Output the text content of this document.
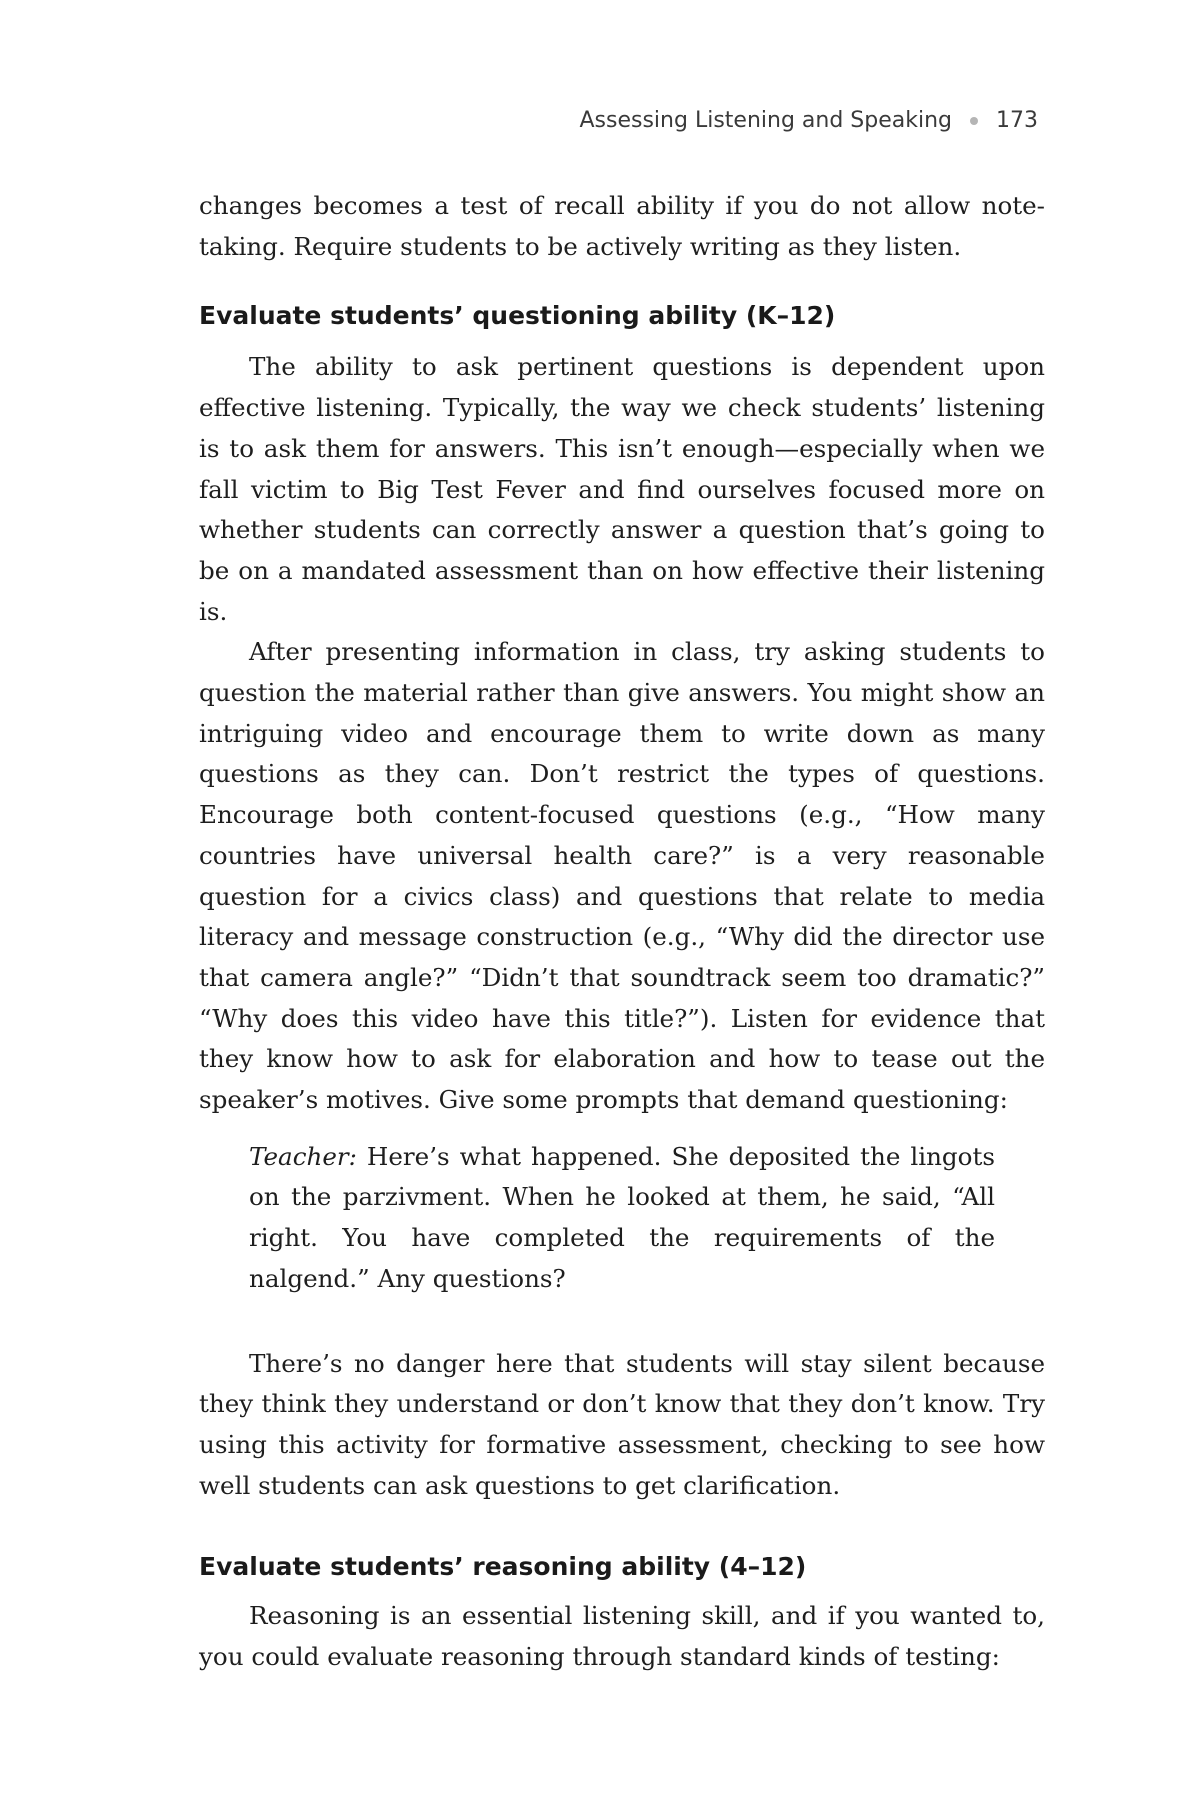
Assessing Listening and Speaking 173

changes becomes a test of recall ability if you do not allow note-taking. Require students to be actively writing as they listen.

Evaluate students’ questioning ability (K–12)

The ability to ask pertinent questions is dependent upon effective listening. Typically, the way we check students’ listening is to ask them for answers. This isn’t enough—especially when we fall victim to Big Test Fever and find ourselves focused more on whether students can correctly answer a question that’s going to be on a mandated assessment than on how effective their listening is.

After presenting information in class, try asking students to question the material rather than give answers. You might show an intriguing video and encourage them to write down as many questions as they can. Don’t restrict the types of questions. Encourage both content-focused questions (e.g., “How many countries have universal health care?” is a very reasonable question for a civics class) and questions that relate to media literacy and message construction (e.g., “Why did the director use that camera angle?” “Didn’t that soundtrack seem too dramatic?” “Why does this video have this title?”). Listen for evidence that they know how to ask for elaboration and how to tease out the speaker’s motives. Give some prompts that demand questioning:

Teacher: Here’s what happened. She deposited the lingots on the parzivment. When he looked at them, he said, “All right. You have completed the requirements of the nalgend.” Any questions?

There’s no danger here that students will stay silent because they think they understand or don’t know that they don’t know. Try using this activity for formative assessment, checking to see how well students can ask questions to get clarification.

Evaluate students’ reasoning ability (4–12)

Reasoning is an essential listening skill, and if you wanted to, you could evaluate reasoning through standard kinds of testing:
